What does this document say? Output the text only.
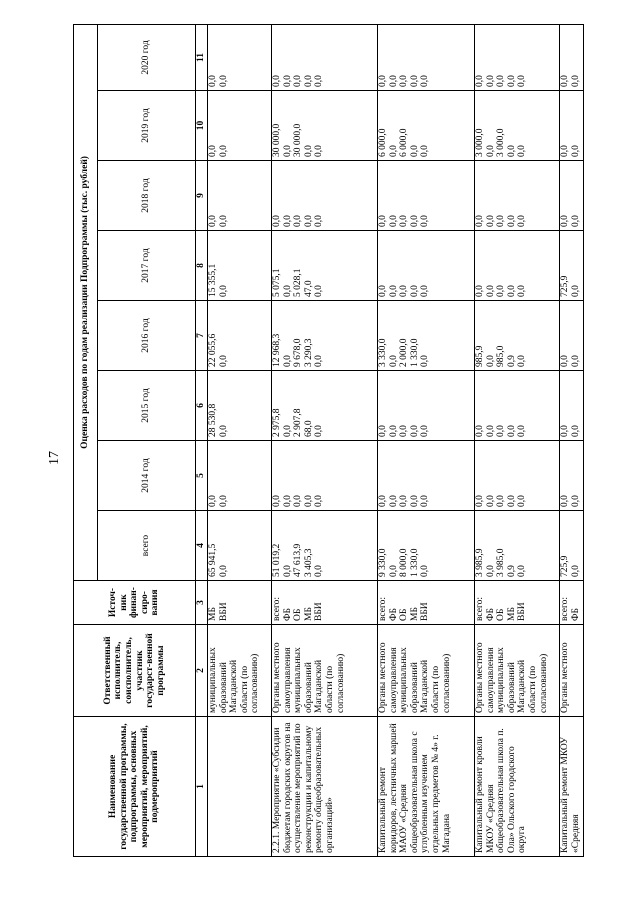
17
Наименование государственной программы, подпрограммы, основных мероприятий, мероприятий, подмероприятий	Ответственный исполнитель, соисполнитель, участник государст-венной программы	Источ-ник финан-сиро-вания	Оценка расходов по годам реализации Подпрограммы (тыс. рублей)							
			всего	2014 год	2015 год	2016 год	2017 год	2018 год	2019 год	2020 год
1	2	3	4	5	6	7	8	9	10	11
	муниципальных образований Магаданской области (по согласованию)	МБ ВБИ	65 941,5 0,0	0,0 0,0	28 530,8 0,0	22 055,6 0,0	15 355,1 0,0	0,0 0,0	0,0 0,0	0,0 0,0

2.2.1. Мероприятие «Субсидии бюджетам городских округов на осуществление мероприятий по реконструкции и капитальному ремонту общеобразовательных организаций»	Органы местного самоуправления муниципальных образований Магаданской области (по согласованию)	всего: ФБ ОБ МБ ВБИ	51 019,2 0,0 47 613,9 3 405,3 0,0	0,0 0,0 0,0 0,0 0,0	2 975,8 0,0 2 907,8 68,0 0,0	12 968,3 0,0 9 678,0 3 290,3 0,0	5 075,1 0,0 5 028,1 47,0 0,0	0,0 0,0 0,0 0,0 0,0	30 000,0 0,0 30 000,0 0,0 0,0	0,0 0,0 0,0 0,0 0,0

Капитальный ремонт коридоров, лестничных маршей МАОУ «Средняя общеобразовательная школа с углубленным изучением отдельных предметов № 4» г. Магадана	Органы местного самоуправления муниципальных образований Магаданской области (по согласованию)	всего: ФБ ОБ МБ ВБИ	9 330,0 0,0 8 000,0 1 330,0 0,0	0,0 0,0 0,0 0,0 0,0	0,0 0,0 0,0 0,0 0,0	3 330,0 0,0 2 000,0 1 330,0 0,0	0,0 0,0 0,0 0,0 0,0	0,0 0,0 0,0 0,0 0,0	6 000,0 0,0 6 000,0 0,0 0,0	0,0 0,0 0,0 0,0 0,0

Капитальный ремонт кровли МКОУ «Средняя общеобразовательная школа п. Ола» Ольского городского округа	Органы местного самоуправления муниципальных образований Магаданской области (по согласованию)	всего: ФБ ОБ МБ ВБИ	3 985,9 0,0 3 985,0 0,9 0,0	0,0 0,0 0,0 0,0 0,0	0,0 0,0 0,0 0,0 0,0	985,9 0,0 985,0 0,9 0,0	0,0 0,0 0,0 0,0 0,0	0,0 0,0 0,0 0,0 0,0	3 000,0 0,0 3 000,0 0,0 0,0	0,0 0,0 0,0 0,0 0,0

Капитальный ремонт МКОУ «Средняя	Органы местного	всего: ФБ	725,9 0,0	0,0 0,0	0,0 0,0	0,0 0,0	725,9 0,0	0,0 0,0	0,0 0,0	0,0 0,0
